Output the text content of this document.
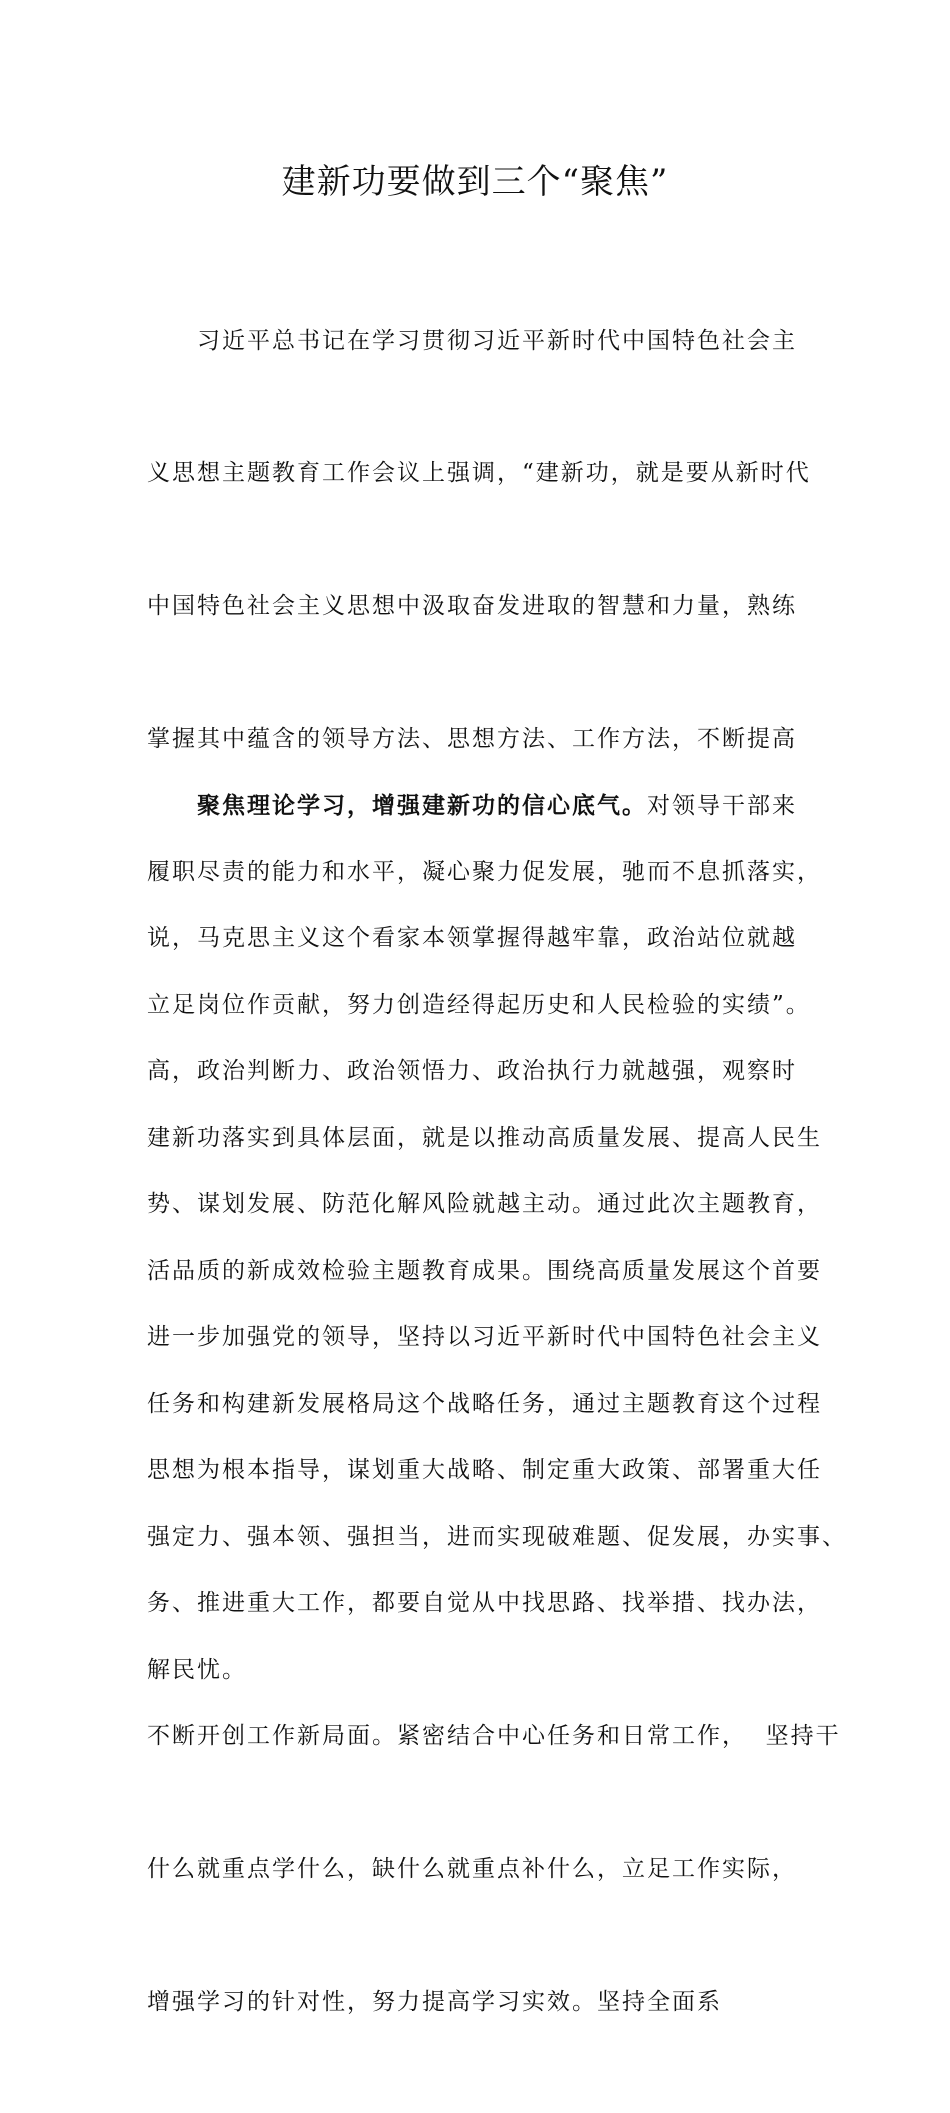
建新功要做到三个“聚焦”

　　习近平总书记在学习贯彻习近平新时代中国特色社会主

义思想主题教育工作会议上强调，“建新功，就是要从新时代

中国特色社会主义思想中汲取奋发进取的智慧和力量，熟练

掌握其中蕴含的领导方法、思想方法、工作方法，不断提高

履职尽责的能力和水平，凝心聚力促发展，驰而不息抓落实，

立足岗位作贡献，努力创造经得起历史和人民检验的实绩”。

建新功落实到具体层面，就是以推动高质量发展、提高人民生

活品质的新成效检验主题教育成果。围绕高质量发展这个首要

任务和构建新发展格局这个战略任务，通过主题教育这个过程

强定力、强本领、强担当，进而实现破难题、促发展，办实事、

解民忧。

　　聚焦理论学习，增强建新功的信心底气。对领导干部来

说，马克思主义这个看家本领掌握得越牢靠，政治站位就越

高，政治判断力、政治领悟力、政治执行力就越强，观察时

势、谋划发展、防范化解风险就越主动。通过此次主题教育，

进一步加强党的领导，坚持以习近平新时代中国特色社会主义

思想为根本指导，谋划重大战略、制定重大政策、部署重大任

务、推进重大工作，都要自觉从中找思路、找举措、找办法，

不断开创工作新局面。紧密结合中心任务和日常工作，  坚持干

什么就重点学什么，缺什么就重点补什么，立足工作实际，

增强学习的针对性，努力提高学习实效。坚持全面系
